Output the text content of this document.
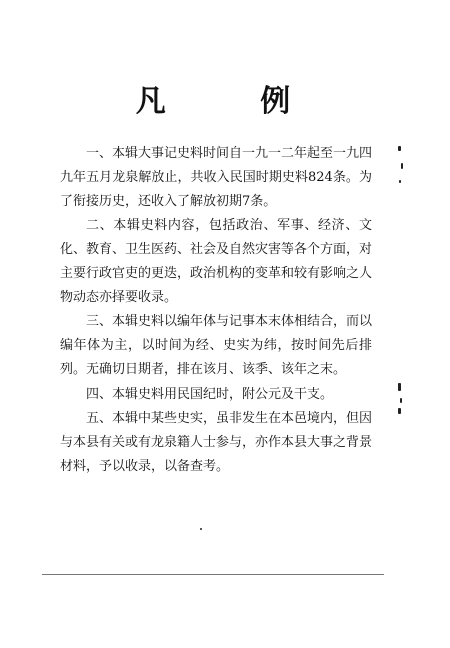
凡 例

一、本辑大事记史料时间自一九一二年起至一九四九年五月龙泉解放止，共收入民国时期史料824条。为了衔接历史，还收入了解放初期7条。

二、本辑史料内容，包括政治、军事、经济、文化、教育、卫生医药、社会及自然灾害等各个方面，对主要行政官吏的更迭，政治机构的变革和较有影响之人物动态亦择要收录。

三、本辑史料以编年体与记事本末体相结合，而以编年体为主，以时间为经、史实为纬，按时间先后排列。无确切日期者，排在该月、该季、该年之末。

四、本辑史料用民国纪时，附公元及干支。

五、本辑中某些史实，虽非发生在本邑境内，但因与本县有关或有龙泉籍人士参与，亦作本县大事之背景材料，予以收录，以备查考。
